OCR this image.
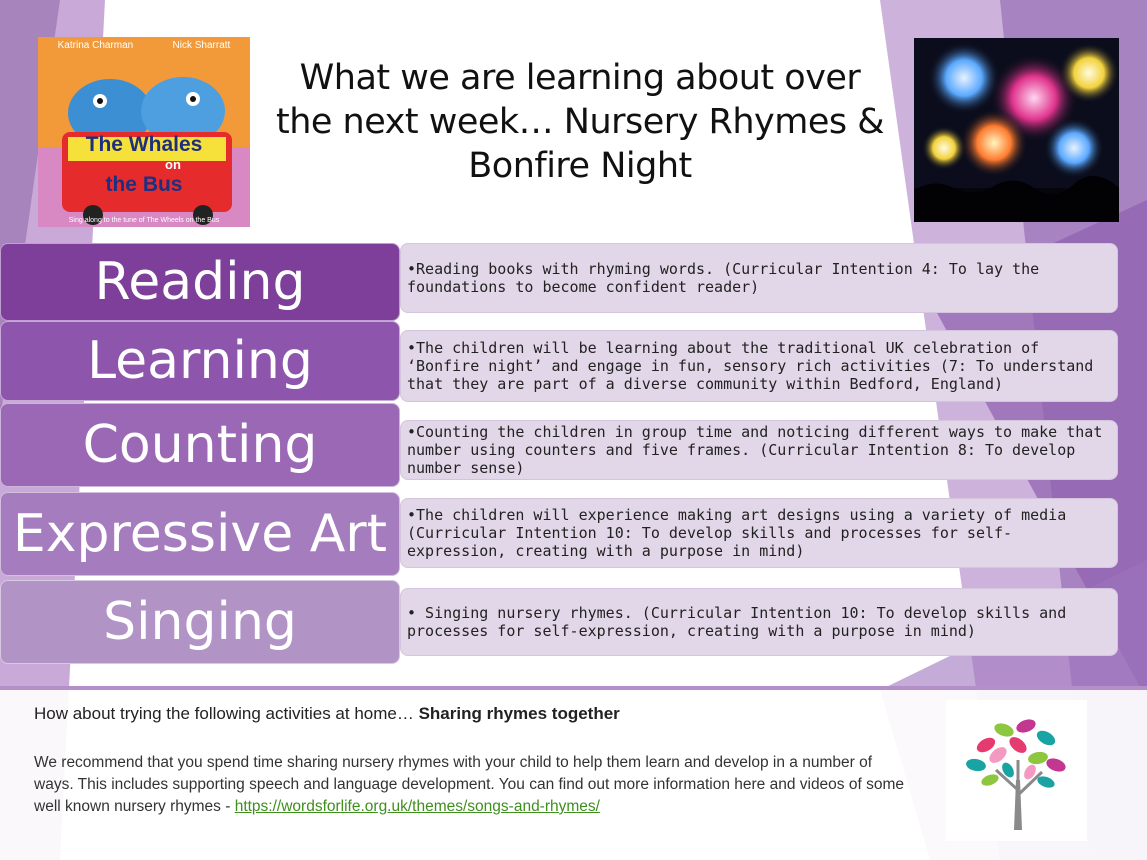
Katrina Charman	Nick Sharratt
The Whales
on
the Bus
Sing along to the tune of The Wheels on the Bus
What we are learning about over the next week… Nursery Rhymes & Bonfire Night
Reading	•Reading books with rhyming words. (Curricular Intention 4: To lay the foundations to become confident reader)
Learning	•The children will be learning about the traditional UK celebration of ‘Bonfire night’ and engage in fun, sensory rich activities (7: To understand that they are part of a diverse community within Bedford, England)
Counting	•Counting the children in group time and noticing different ways to make that number using counters and five frames. (Curricular Intention 8: To develop number sense)
Expressive Art	•The children will experience making art designs using a variety of media (Curricular Intention 10: To develop skills and processes for self-expression, creating with a purpose in mind)
Singing	• Singing nursery rhymes. (Curricular Intention 10: To develop skills and processes for self-expression, creating with a purpose in mind)
How about trying the following activities at home… Sharing rhymes together
We recommend that you spend time sharing nursery rhymes with your child to help them learn and develop in a number of ways. This includes supporting speech and language development. You can find out more information here and videos of some well known nursery rhymes - https://wordsforlife.org.uk/themes/songs-and-rhymes/
